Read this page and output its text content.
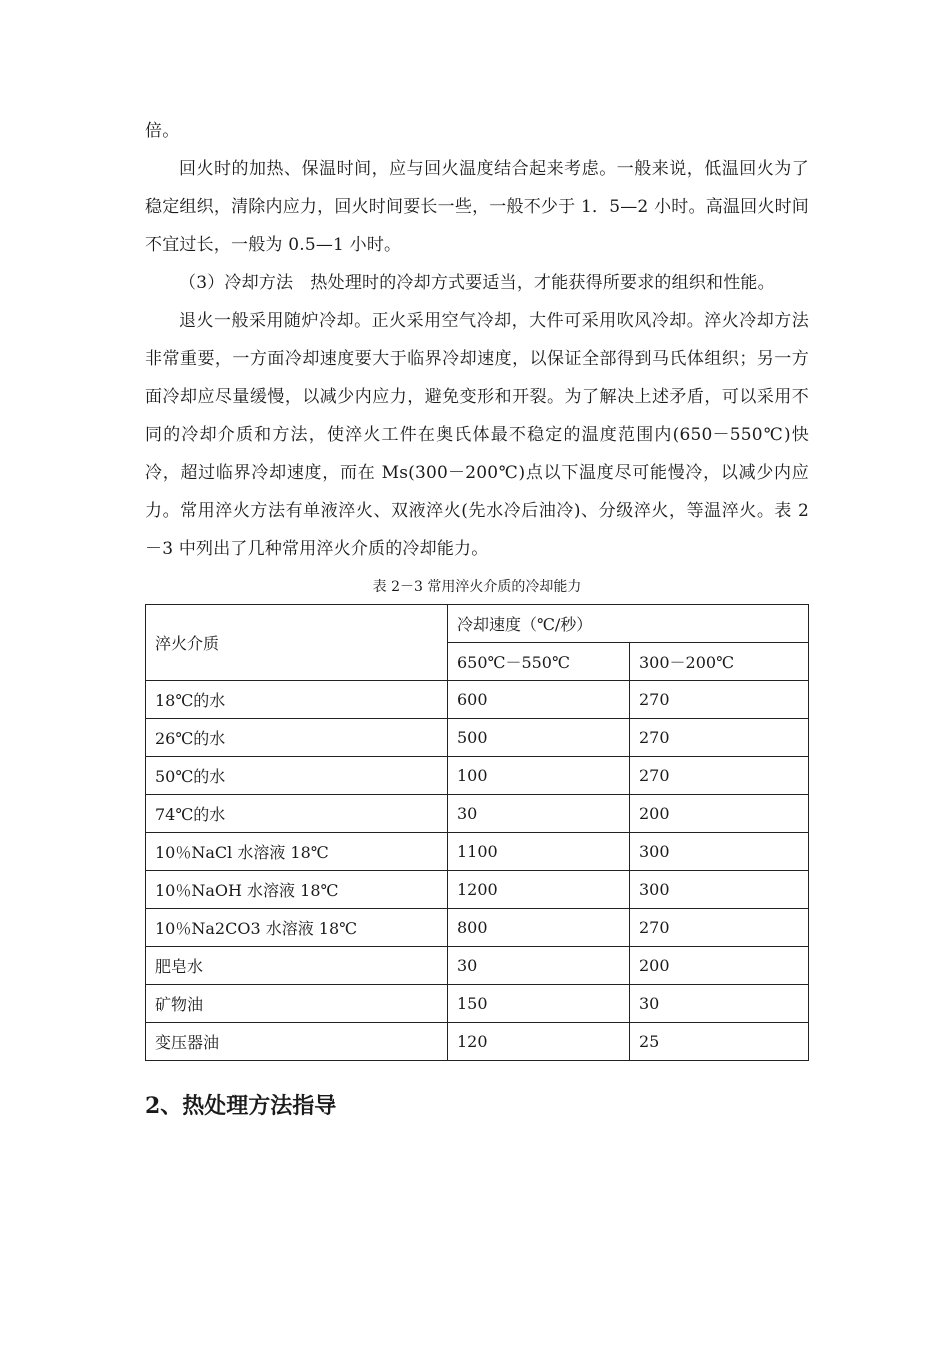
倍。

回火时的加热、保温时间，应与回火温度结合起来考虑。一般来说，低温回火为了稳定组织，清除内应力，回火时间要长一些，一般不少于 1．5—2 小时。高温回火时间不宜过长，一般为 0.5—1 小时。

（3）冷却方法　热处理时的冷却方式要适当，才能获得所要求的组织和性能。

退火一般采用随炉冷却。正火采用空气冷却，大件可采用吹风冷却。淬火冷却方法非常重要，一方面冷却速度要大于临界冷却速度，以保证全部得到马氏体组织；另一方面冷却应尽量缓慢，以减少内应力，避免变形和开裂。为了解决上述矛盾，可以采用不同的冷却介质和方法，使淬火工件在奥氏体最不稳定的温度范围内(650－550℃)快冷，超过临界冷却速度，而在 Ms(300－200℃)点以下温度尽可能慢冷，以减少内应力。常用淬火方法有单液淬火、双液淬火(先水冷后油冷)、分级淬火，等温淬火。表 2－3 中列出了几种常用淬火介质的冷却能力。

表 2－3 常用淬火介质的冷却能力
淬火介质	冷却速度（℃/秒）	
	650℃－550℃	300－200℃
18℃的水	600	270
26℃的水	500	270
50℃的水	100	270
74℃的水	30	200
10％NaCl 水溶液 18℃	1100	300
10％NaOH 水溶液 18℃	1200	300
10％Na2CO3 水溶液 18℃	800	270
肥皂水	30	200
矿物油	150	30
变压器油	120	25
2、热处理方法指导
